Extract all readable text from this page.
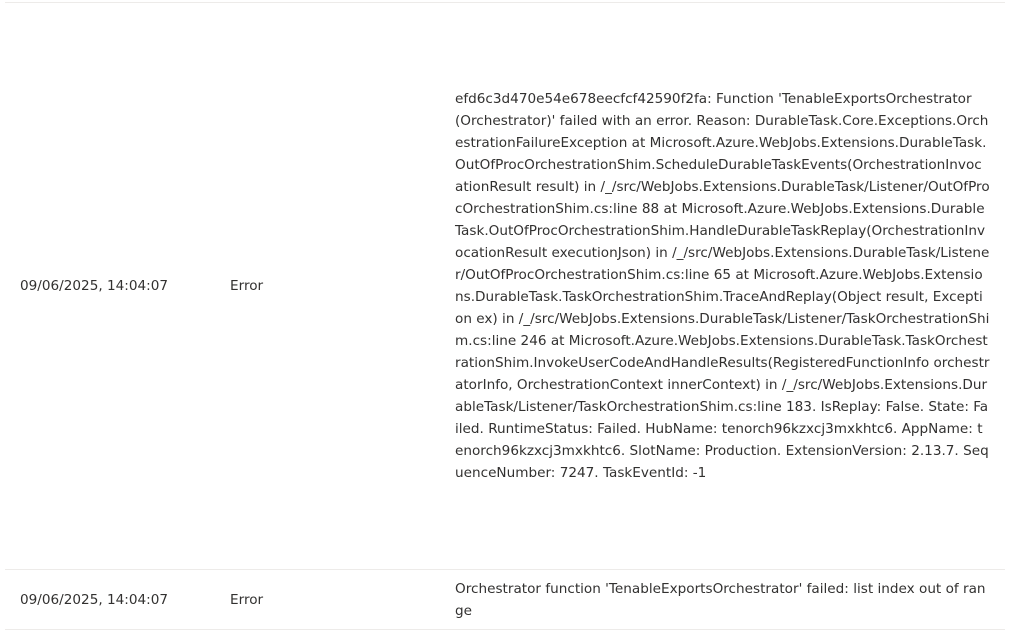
09/06/2025, 14:04:07	Error
efd6c3d470e54e678eecfcf42590f2fa: Function 'TenableExportsOrchestrator (Orchestrator)' failed with an error. Reason: DurableTask.Core.Exceptions.OrchestrationFailureException at Microsoft.Azure.WebJobs.Extensions.DurableTask.OutOfProcOrchestrationShim.ScheduleDurableTaskEvents(OrchestrationInvocationResult result) in /_/src/WebJobs.Extensions.DurableTask/Listener/OutOfProcOrchestrationShim.cs:line 88 at Microsoft.Azure.WebJobs.Extensions.DurableTask.OutOfProcOrchestrationShim.HandleDurableTaskReplay(OrchestrationInvocationResult executionJson) in /_/src/WebJobs.Extensions.DurableTask/Listener/OutOfProcOrchestrationShim.cs:line 65 at Microsoft.Azure.WebJobs.Extensions.DurableTask.TaskOrchestrationShim.TraceAndReplay(Object result, Exception ex) in /_/src/WebJobs.Extensions.DurableTask/Listener/TaskOrchestrationShim.cs:line 246 at Microsoft.Azure.WebJobs.Extensions.DurableTask.TaskOrchestrationShim.InvokeUserCodeAndHandleResults(RegisteredFunctionInfo orchestratorInfo, OrchestrationContext innerContext) in /_/src/WebJobs.Extensions.DurableTask/Listener/TaskOrchestrationShim.cs:line 183. IsReplay: False. State: Failed. RuntimeStatus: Failed. HubName: tenorch96kzxcj3mxkhtc6. AppName: tenorch96kzxcj3mxkhtc6. SlotName: Production. ExtensionVersion: 2.13.7. SequenceNumber: 7247. TaskEventId: -1
09/06/2025, 14:04:07	Error
Orchestrator function 'TenableExportsOrchestrator' failed: list index out of range
